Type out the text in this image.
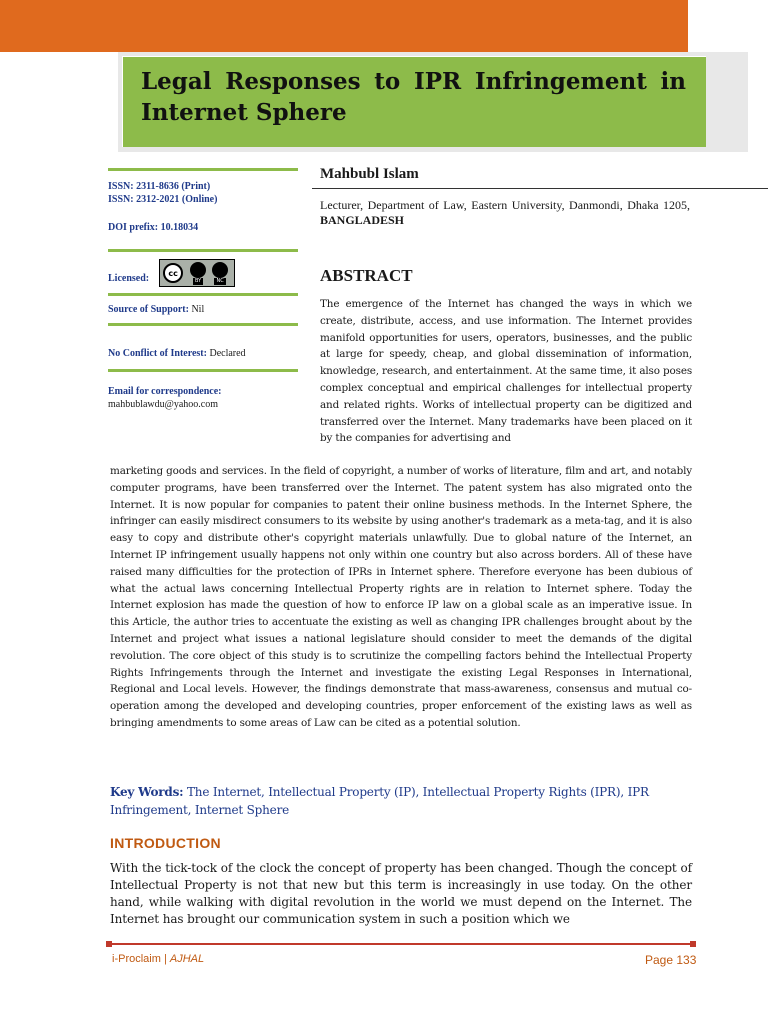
Legal Responses to IPR Infringement in Internet Sphere
ISSN: 2311-8636 (Print)
ISSN: 2312-2021 (Online)
DOI prefix: 10.18034
Licensed:	cc	i
BY
$
NC
Source of Support: Nil
No Conflict of Interest: Declared
Email for correspondence:
mahbublawdu@yahoo.com
Mahbubl Islam
Lecturer, Department of Law, Eastern University, Danmondi, Dhaka 1205, BANGLADESH
ABSTRACT

The emergence of the Internet has changed the ways in which we create, distribute, access, and use information. The Internet provides manifold opportunities for users, operators, businesses, and the public at large for speedy, cheap, and global dissemination of information, knowledge, research, and entertainment. At the same time, it also poses complex conceptual and empirical challenges for intellectual property and related rights. Works of intellectual property can be digitized and transferred over the Internet. Many trademarks have been placed on it by the companies for advertising and

marketing goods and services. In the field of copyright, a number of works of literature, film and art, and notably computer programs, have been transferred over the Internet. The patent system has also migrated onto the Internet. It is now popular for companies to patent their online business methods. In the Internet Sphere, the infringer can easily misdirect consumers to its website by using another's trademark as a meta-tag, and it is also easy to copy and distribute other's copyright materials unlawfully. Due to global nature of the Internet, an Internet IP infringement usually happens not only within one country but also across borders. All of these have raised many difficulties for the protection of IPRs in Internet sphere. Therefore everyone has been dubious of what the actual laws concerning Intellectual Property rights are in relation to Internet sphere. Today the Internet explosion has made the question of how to enforce IP law on a global scale as an imperative issue. In this Article, the author tries to accentuate the existing as well as changing IPR challenges brought about by the Internet and project what issues a national legislature should consider to meet the demands of the digital revolution. The core object of this study is to scrutinize the compelling factors behind the Intellectual Property Rights Infringements through the Internet and investigate the existing Legal Responses in International, Regional and Local levels. However, the findings demonstrate that mass-awareness, consensus and mutual co-operation among the developed and developing countries, proper enforcement of the existing laws as well as bringing amendments to some areas of Law can be cited as a potential solution.

Key Words: The Internet, Intellectual Property (IP), Intellectual Property Rights (IPR), IPR Infringement, Internet Sphere
INTRODUCTION

With the tick-tock of the clock the concept of property has been changed. Though the concept of Intellectual Property is not that new but this term is increasingly in use today. On the other hand, while walking with digital revolution in the world we must depend on the Internet. The Internet has brought our communication system in such a position which we

i-Proclaim | AJHAL	Page 133
